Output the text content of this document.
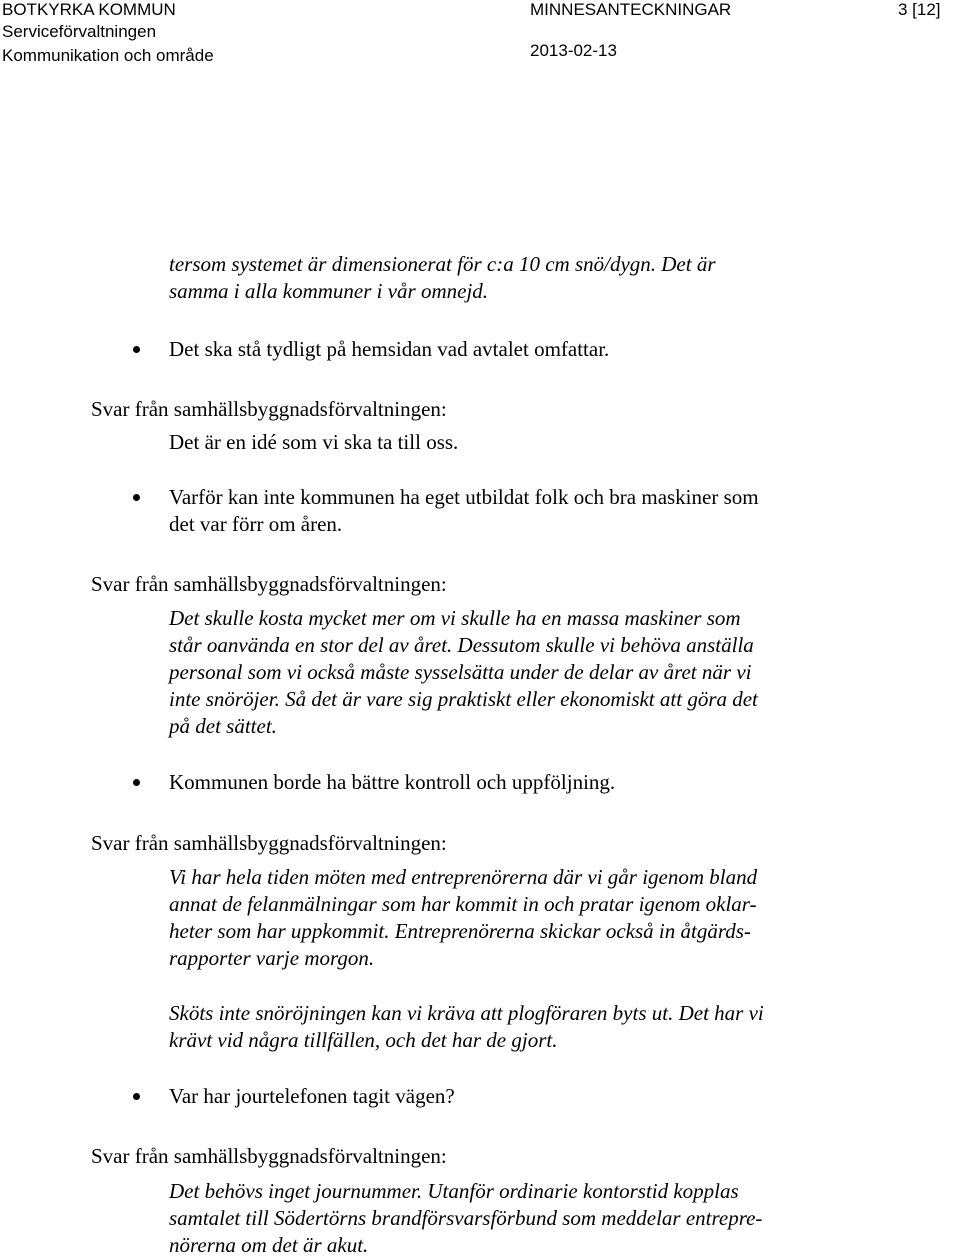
BOTKYRKA KOMMUN
Serviceförvaltningen
Kommunikation och område
MINNESANTECKNINGAR
2013-02-13
3 [12]
tersom systemet är dimensionerat för c:a 10 cm snö/dygn. Det är
samma i alla kommuner i vår omnejd.
Det ska stå tydligt på hemsidan vad avtalet omfattar.
Svar från samhällsbyggnadsförvaltningen:
Det är en idé som vi ska ta till oss.
Varför kan inte kommunen ha eget utbildat folk och bra maskiner som
det var förr om åren.
Svar från samhällsbyggnadsförvaltningen:
Det skulle kosta mycket mer om vi skulle ha en massa maskiner som
står oanvända en stor del av året. Dessutom skulle vi behöva anställa
personal som vi också måste sysselsätta under de delar av året när vi
inte snöröjer. Så det är vare sig praktiskt eller ekonomiskt att göra det
på det sättet.
Kommunen borde ha bättre kontroll och uppföljning.
Svar från samhällsbyggnadsförvaltningen:
Vi har hela tiden möten med entreprenörerna där vi går igenom bland
annat de felanmälningar som har kommit in och pratar igenom oklar-
heter som har uppkommit. Entreprenörerna skickar också in åtgärds-
rapporter varje morgon.
Sköts inte snöröjningen kan vi kräva att plogföraren byts ut. Det har vi
krävt vid några tillfällen, och det har de gjort.
Var har jourtelefonen tagit vägen?
Svar från samhällsbyggnadsförvaltningen:
Det behövs inget journummer. Utanför ordinarie kontorstid kopplas
samtalet till Södertörns brandförsvarsförbund som meddelar entrepre-
nörerna om det är akut.
